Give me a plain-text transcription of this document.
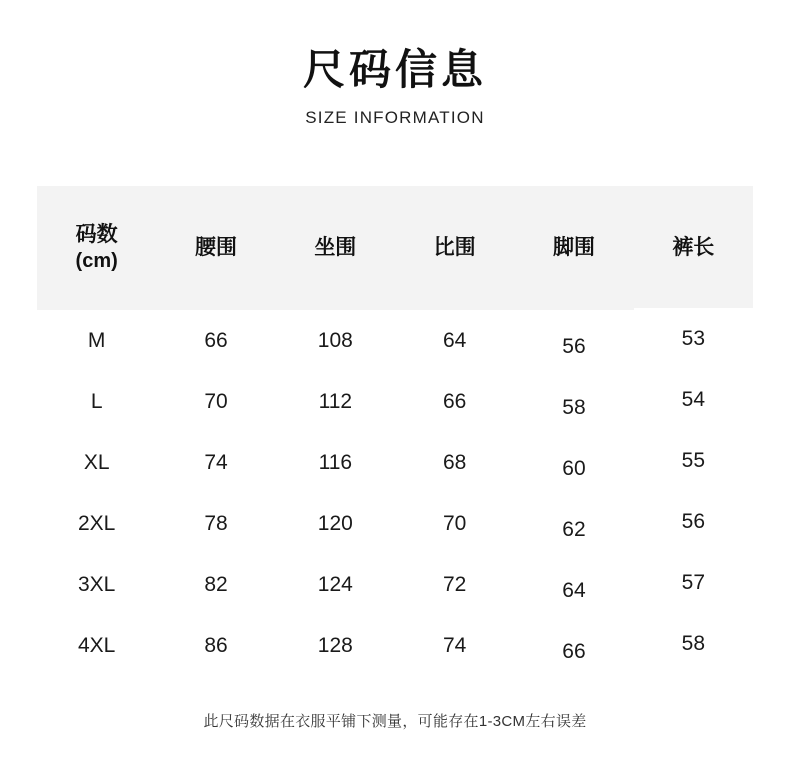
尺码信息

SIZE INFORMATION

码数
(cm)	腰围	坐围	比围	脚围	裤长

M	66	108	64	56	53
L	70	112	66	58	54
XL	74	116	68	60	55
2XL	78	120	70	62	56
3XL	82	124	72	64	57
4XL	86	128	74	66	58
此尺码数据在衣服平铺下测量，可能存在1-3CM左右误差
